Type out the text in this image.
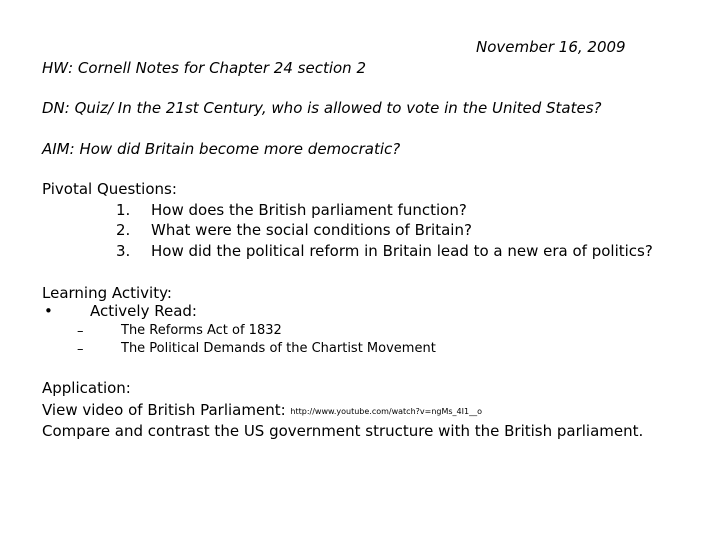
November 16, 2009
HW: Cornell Notes for Chapter 24 section 2
DN: Quiz/ In the 21st Century, who is allowed to vote in the United States?
AIM: How did Britain become more democratic?
Pivotal Questions:
1. How does the British parliament function?
2. What were the social conditions of Britain?
3. How did the political reform in Britain lead to a new era of politics?
Learning Activity:
• Actively Read:
–	The Reforms Act of 1832
–	The Political Demands of the Chartist Movement
Application:
View video of British Parliament: http://www.youtube.com/watch?v=ngMs_4I1__o
Compare and contrast the US government structure with the British parliament.
